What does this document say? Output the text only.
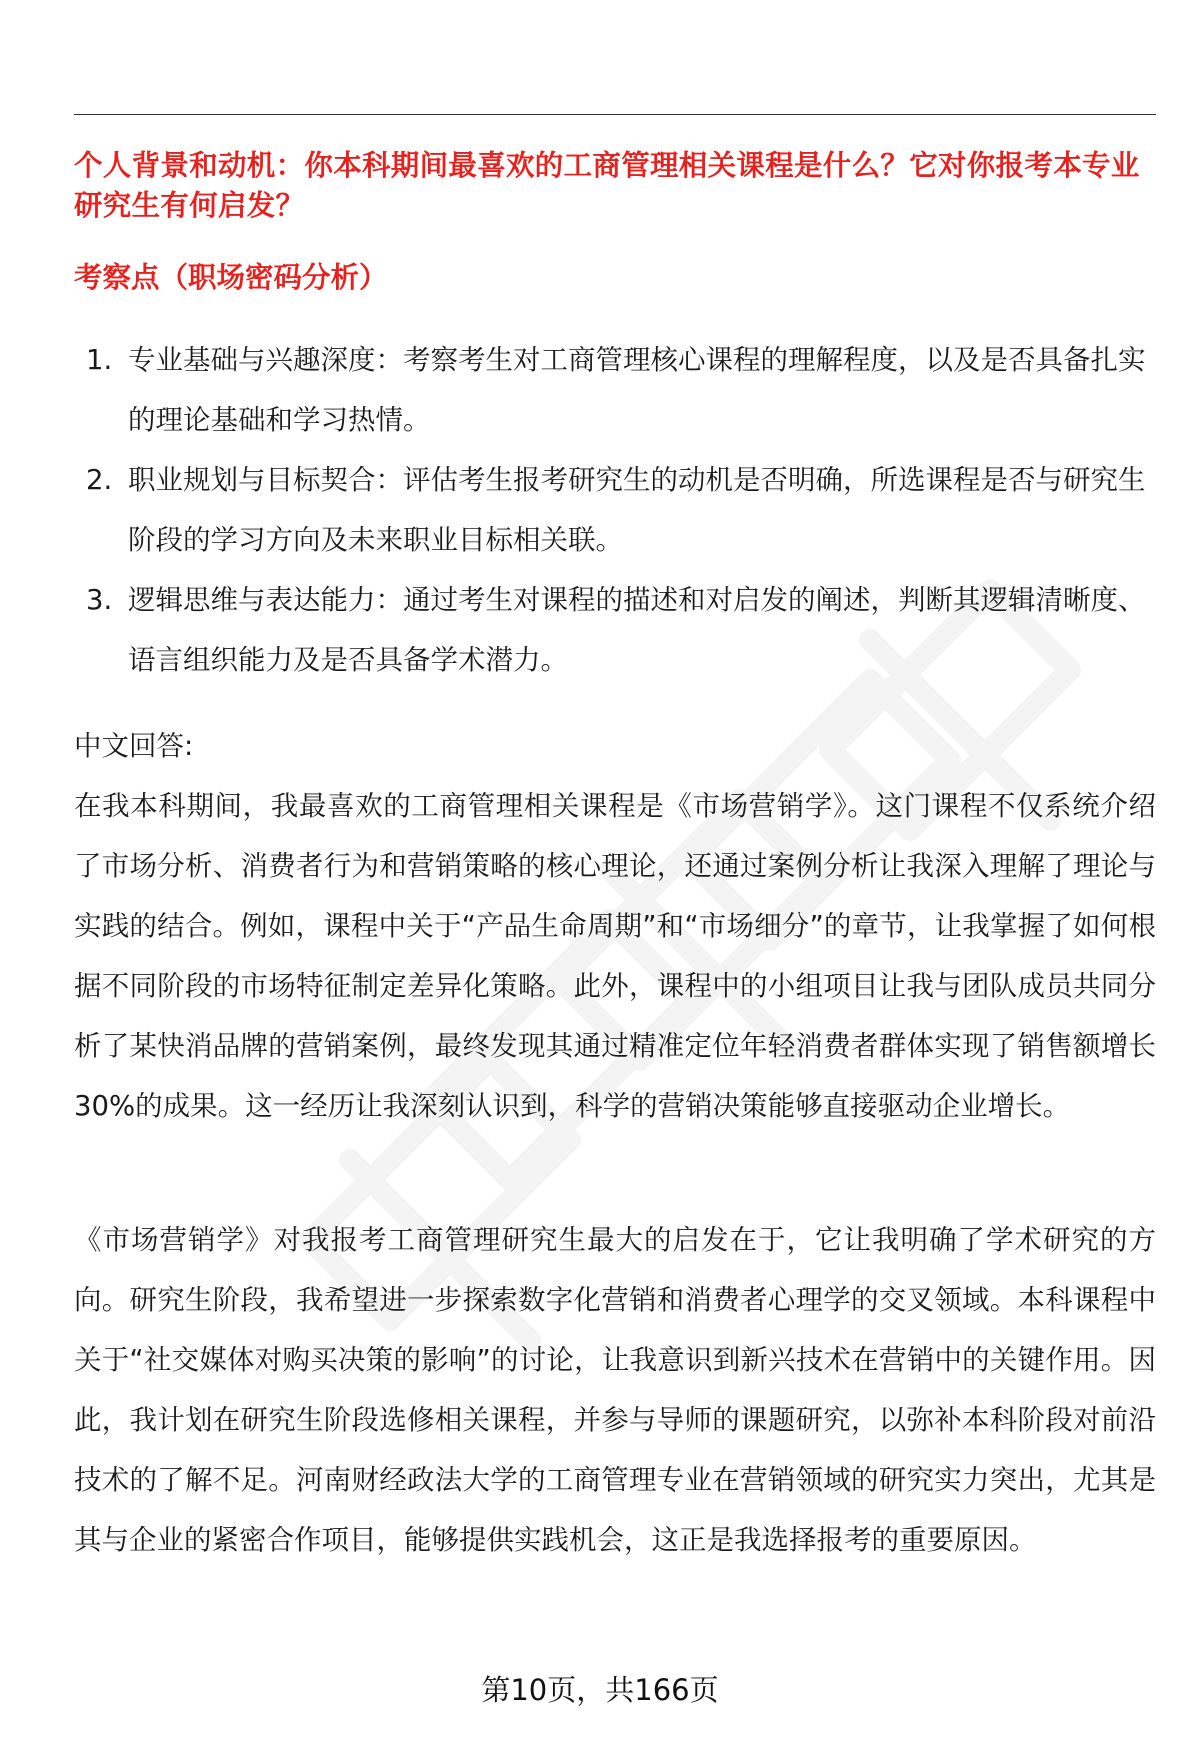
个人背景和动机：你本科期间最喜欢的工商管理相关课程是什么？它对你报考本专业研究生有何启发？
考察点（职场密码分析）
1. 专业基础与兴趣深度：考察考生对工商管理核心课程的理解程度，以及是否具备扎实的理论基础和学习热情。
2. 职业规划与目标契合：评估考生报考研究生的动机是否明确，所选课程是否与研究生阶段的学习方向及未来职业目标相关联。
3. 逻辑思维与表达能力：通过考生对课程的描述和对启发的阐述，判断其逻辑清晰度、语言组织能力及是否具备学术潜力。
中文回答:

在我本科期间，我最喜欢的工商管理相关课程是《市场营销学》。这门课程不仅系统介绍了市场分析、消费者行为和营销策略的核心理论，还通过案例分析让我深入理解了理论与实践的结合。例如，课程中关于“产品生命周期”和“市场细分”的章节，让我掌握了如何根据不同阶段的市场特征制定差异化策略。此外，课程中的小组项目让我与团队成员共同分析了某快消品牌的营销案例，最终发现其通过精准定位年轻消费者群体实现了销售额增长30%的成果。这一经历让我深刻认识到，科学的营销决策能够直接驱动企业增长。

《市场营销学》对我报考工商管理研究生最大的启发在于，它让我明确了学术研究的方向。研究生阶段，我希望进一步探索数字化营销和消费者心理学的交叉领域。本科课程中关于“社交媒体对购买决策的影响”的讨论，让我意识到新兴技术在营销中的关键作用。因此，我计划在研究生阶段选修相关课程，并参与导师的课题研究，以弥补本科阶段对前沿技术的了解不足。河南财经政法大学的工商管理专业在营销领域的研究实力突出，尤其是其与企业的紧密合作项目，能够提供实践机会，这正是我选择报考的重要原因。

第10页，共166页
